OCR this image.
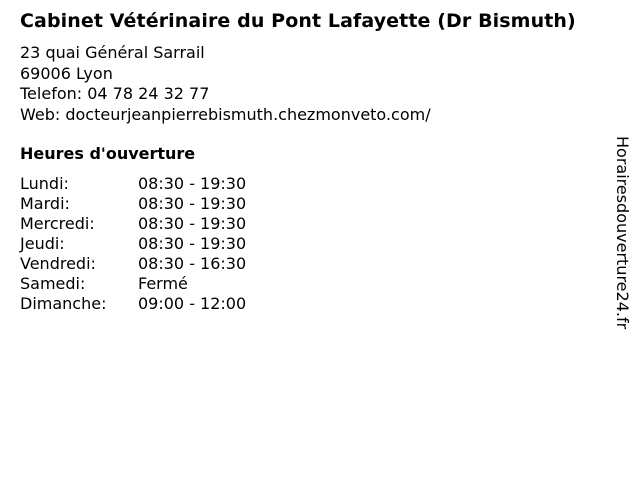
Cabinet Vétérinaire du Pont Lafayette (Dr Bismuth)
23 quai Général Sarrail
69006 Lyon
Telefon: 04 78 24 32 77
Web: docteurjeanpierrebismuth.chezmonveto.com/
Heures d'ouverture
Lundi:	08:30 - 19:30
Mardi:	08:30 - 19:30
Mercredi:	08:30 - 19:30
Jeudi:	08:30 - 19:30
Vendredi:	08:30 - 16:30
Samedi:	Fermé
Dimanche:	09:00 - 12:00	Horairesdouverture24.fr
